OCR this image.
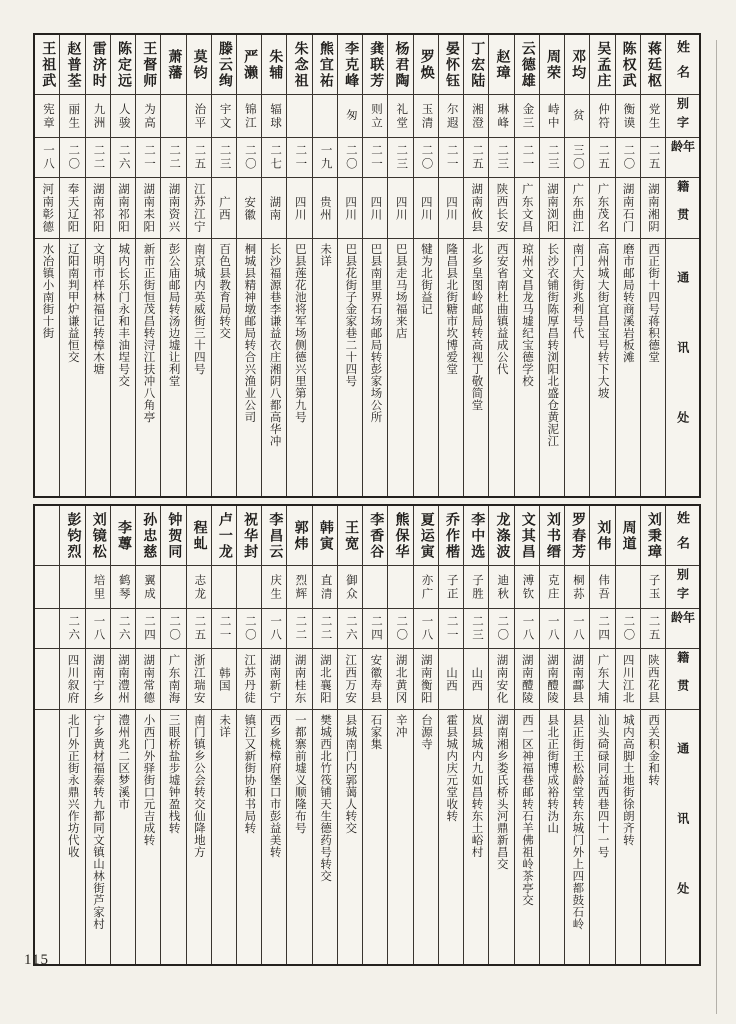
姓名
别字
年龄
籍贯
通讯处
蒋廷枢
党生
二五
湖南湘阴
西正街十四号蒋积德堂
陈权武
衡谟
二〇
湖南石门
磨市邮局转商溪岩板滩
吴孟庄
仲符
二五
广东茂名
高州城大街宜昌宝号转下大坡
邓均
贫
三〇
广东曲江
南门大街兆利号代
周荣
峙中
二三
湖南浏阳
长沙衣铺街陈厚昌转浏阳北盛仓黄泥江
云德雄
金三
二一
广东文昌
琼州文昌龙马墟纪宝德学校
赵璋
琳峰
二三
陕西长安
西安省南杜曲镇益成公代
丁宏陆
湘澄
二五
湖南攸县
北乡皇图岭邮局转高视丁敬简堂
晏怀钰
尔遐
二一
四川
隆昌县北街糖市坎博爱堂
罗焕
玉清
二〇
四川
犍为北街益记
杨君陶
礼堂
二三
四川
巴县走马场福来店
龚联芳
则立
二一
四川
巴县南里界石场邮局转彭家场公所
李克峰
匆
二〇
四川
巴县花街子金家巷二十四号
熊宜祐
一九
贵州
未详
朱念祖
二一
四川
巴县莲花池将军场侧德兴里第九号
朱辅
辐球
二七
湖南
长沙福源巷李谦益衣庄湘阴八都高华冲
严濑
锦江
二〇
安徽
桐城县精神墩邮局转合兴渔业公司
滕云绚
宇文
二三
广西
百色县教育局转交
莫钧
治平
二五
江苏江宁
南京城内英威街三十四号
萧藩
二二
湖南资兴
彭公庙邮局转汤边墟让利堂
王督师
为高
二一
湖南耒阳
新市正街恒茂昌转浔江扶冲八角亭
陈定远
人骏
二六
湖南祁阳
城内长乐门永和丰油埕号交
雷济时
九洲
二二
湖南祁阳
文明市样林福记转樟木塘
赵普荃
丽生
二〇
奉天辽阳
辽阳南判甲炉谦益恒交
王祖武
宪章
一八
河南彰德
水冶镇小南街十街
姓名
别字
年龄
籍贯
通讯处
刘秉璋
子玉
二五
陕西花县
西关积金和转
周道
二〇
四川江北
城内高脚土地街徐朗齐转
刘伟
伟吾
二四
广东大埔
汕头碕碌同益西巷四十一号
罗春芳
桐荪
一八
湖南酃县
县正街王松龄堂转东城门外上四都鼓石岭
刘书缙
克庄
一八
湖南醴陵
县北正街博成裕转沩山
文其昌
溥钦
一八
湖南醴陵
西一区神福巷邮转石羊佛祖岭茶亭交
龙涤波
迪秋
二〇
湖南安化
湖南湘乡娄氏桥头河鼎新昌交
李中选
子胜
二三
山西
岚县城内九如昌转东土峪村
乔作楷
子正
二一
山西
霍县城内庆元堂收转
夏运寅
亦广
一八
湖南衡阳
台源寺
熊保华
二〇
湖北黄冈
辛冲
李香谷
二四
安徽寿县
石家集
王宽
御众
二六
江西万安
县城南门内郭蔼人转交
韩寅
直清
二二
湖北襄阳
樊城西北竹筏铺天生德药号转交
郭炜
烈辉
二二
湖南桂东
一都寨前墟义顺隆布号
李昌云
庆生
一八
湖南新宁
西乡桃樟府堡口市彭益美转
祝华封
二〇
江苏丹徒
镇江又新街协和书局转
卢一龙
二一
韩国
未详
程虬
志龙
二五
浙江瑞安
南门镇乡公会转交仙降地方
钟贺同
二〇
广东南海
三眼桥盐步墟钟盈栈转
孙忠慈
翼成
二四
湖南常德
小西门外驿街口元吉成转
李蓴
鹤琴
二六
湖南澧州
澧州兆二区梦溪市
刘镜松
培里
一八
湖南宁乡
宁乡黄材福泰转九都同文镇山林街芦家村
彭钧烈
二六
四川叙府
北门外正街永鼎兴作坊代收
115
